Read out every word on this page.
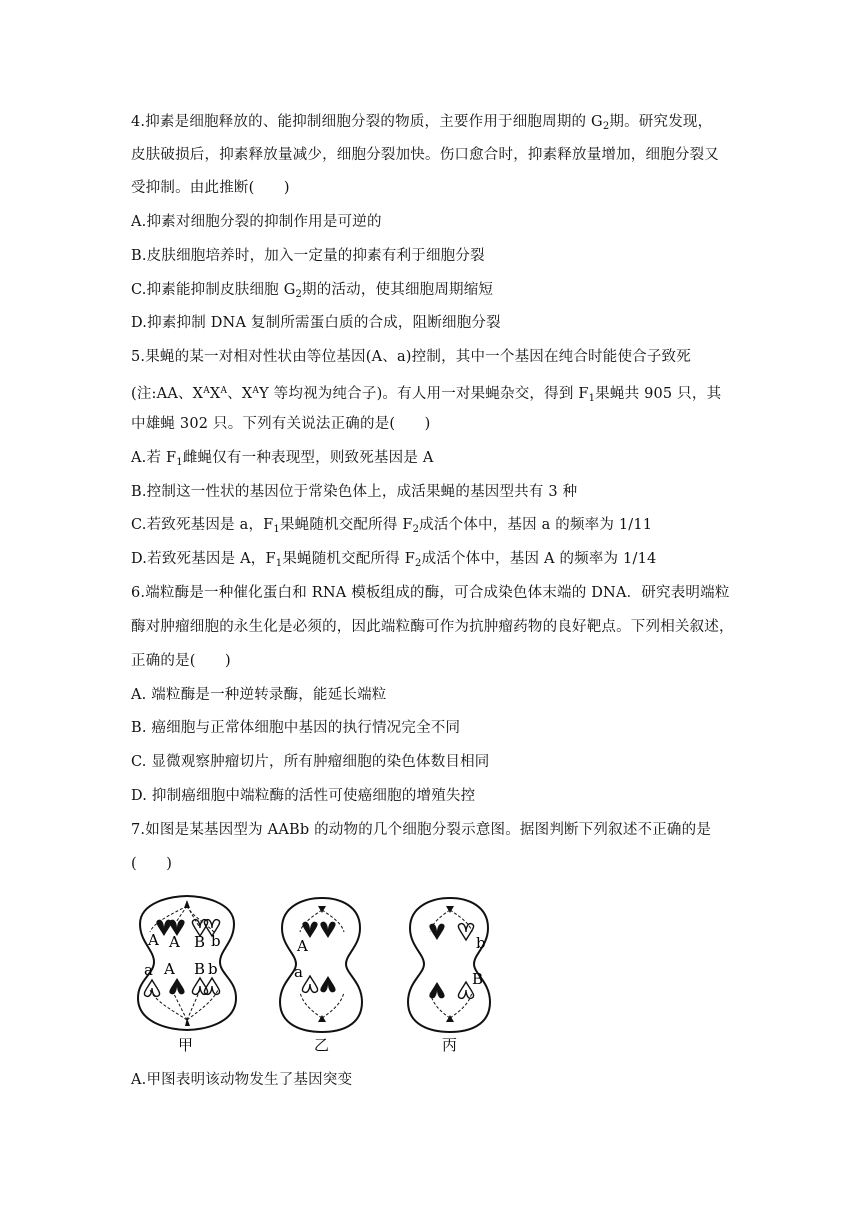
4.抑素是细胞释放的、能抑制细胞分裂的物质，主要作用于细胞周期的 $G_2$期。研究发现，
皮肤破损后，抑素释放量减少，细胞分裂加快。伤口愈合时，抑素释放量增加，细胞分裂又
受抑制。由此推断(　　)
A.抑素对细胞分裂的抑制作用是可逆的
B.皮肤细胞培养时，加入一定量的抑素有利于细胞分裂
C.抑素能抑制皮肤细胞 $G_2$期的活动，使其细胞周期缩短
D.抑素抑制 DNA 复制所需蛋白质的合成，阻断细胞分裂
5.果蝇的某一对相对性状由等位基因(A、a)控制，其中一个基因在纯合时能使合子致死
(注:AA、$X^AX^A$、$X^AY$ 等均视为纯合子)。有人用一对果蝇杂交，得到 $F_1$果蝇共 905 只，其
中雄蝇 302 只。下列有关说法正确的是(　　)
A.若 $F_1$雌蝇仅有一种表现型，则致死基因是 A
B.控制这一性状的基因位于常染色体上，成活果蝇的基因型共有 3 种
C.若致死基因是 a，$F_1$果蝇随机交配所得 $F_2$成活个体中，基因 a 的频率为 1/11
D.若致死基因是 A，$F_1$果蝇随机交配所得 $F_2$成活个体中，基因 A 的频率为 1/14
6.端粒酶是一种催化蛋白和 RNA 模板组成的酶，可合成染色体末端的 DNA．研究表明端粒
酶对肿瘤细胞的永生化是必须的，因此端粒酶可作为抗肿瘤药物的良好靶点。下列相关叙述，
正确的是(　　)
A. 端粒酶是一种逆转录酶，能延长端粒
B. 癌细胞与正常体细胞中基因的执行情况完全不同
C. 显微观察肿瘤切片，所有肿瘤细胞的染色体数目相同
D. 抑制癌细胞中端粒酶的活性可使癌细胞的增殖失控
7.如图是某基因型为 AABb 的动物的几个细胞分裂示意图。据图判断下列叙述不正确的是
(　　)
A A B b
a A B b
甲
A
a
乙
b
B
丙
A.甲图表明该动物发生了基因突变
